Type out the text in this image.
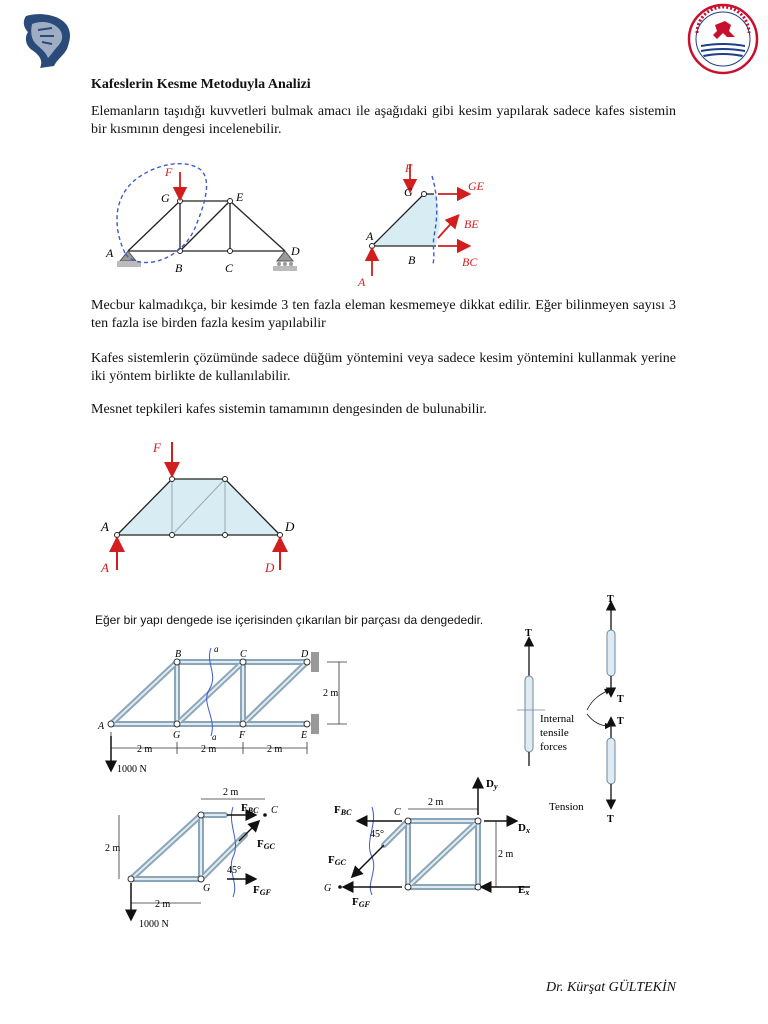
Kafeslerin Kesme Metoduyla Analizi

Elemanların taşıdığı kuvvetleri bulmak amacı ile aşağıdaki gibi kesim yapılarak sadece kafes sistemin bir kısmının dengesi incelenebilir.

Mecbur kalmadıkça, bir kesimde 3 ten fazla eleman kesmemeye dikkat edilir. Eğer bilinmeyen sayısı 3 ten fazla ise birden fazla kesim yapılabilir

Kafes sistemlerin çözümünde sadece düğüm yöntemini veya sadece kesim yöntemini kullanmak yerine iki yöntem birlikte de kullanılabilir.

Mesnet tepkileri kafes sistemin tamamının dengesinden de bulunabilir.

Dr. Kürşat GÜLTEKİN
F
G	E
A	D
B	C
F
G
A
B
A
GE
BE
BC
F
A	D
A	D
Eğer bir yapı dengede ise içerisinden çıkarılan bir parçası da dengededir.
B	C	D
A
G	F	E
a
a
2 m
2 m	2 m	2 m
1000 N
T
Internal
tensile
forces
T
T
T
T
Tension
2 m
2 m
2 m
FBC C
FGC
45°
G	FGF
1000 N
FBC	C
2 m
Dy
Dx
45°
FGC
2 m
G
FGF
Ex
